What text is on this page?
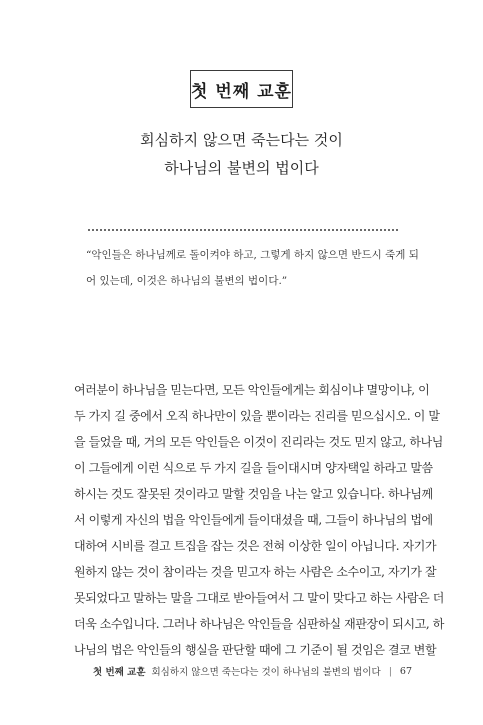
첫 번째 교훈
회심하지 않으면 죽는다는 것이
하나님의 불변의 법이다
“악인들은 하나님께로 돌이켜야 하고, 그렇게 하지 않으면 반드시 죽게 되
어 있는데, 이것은 하나님의 불변의 법이다.”
여러분이 하나님을 믿는다면, 모든 악인들에게는 회심이냐 멸망이냐, 이
두 가지 길 중에서 오직 하나만이 있을 뿐이라는 진리를 믿으십시오. 이 말
을 들었을 때, 거의 모든 악인들은 이것이 진리라는 것도 믿지 않고, 하나님
이 그들에게 이런 식으로 두 가지 길을 들이대시며 양자택일 하라고 말씀
하시는 것도 잘못된 것이라고 말할 것임을 나는 알고 있습니다. 하나님께
서 이렇게 자신의 법을 악인들에게 들이대셨을 때, 그들이 하나님의 법에
대하여 시비를 걸고 트집을 잡는 것은 전혀 이상한 일이 아닙니다. 자기가
원하지 않는 것이 참이라는 것을 믿고자 하는 사람은 소수이고, 자기가 잘
못되었다고 말하는 말을 그대로 받아들여서 그 말이 맞다고 하는 사람은 더
더욱 소수입니다. 그러나 하나님은 악인들을 심판하실 재판장이 되시고, 하
나님의 법은 악인들의 행실을 판단할 때에 그 기준이 될 것임은 결코 변할
첫 번째 교훈 회심하지 않으면 죽는다는 것이 하나님의 불변의 법이다 | 67
